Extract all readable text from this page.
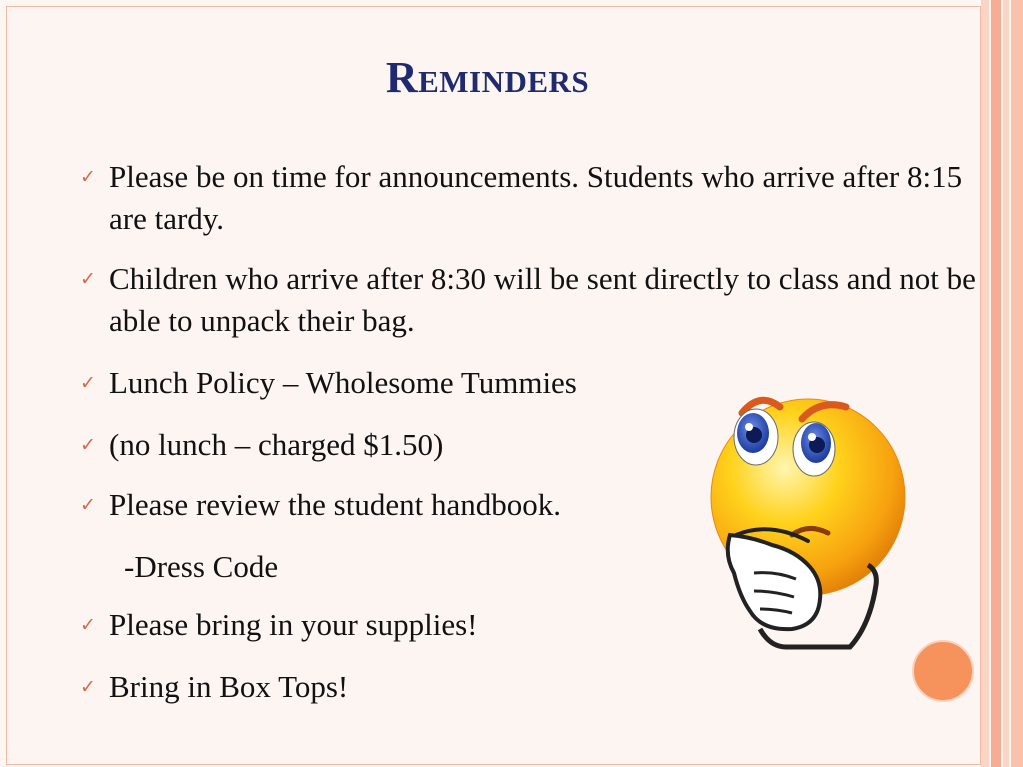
Reminders
✓ Please be on time for announcements. Students who arrive after 8:15 are tardy.
✓ Children who arrive after 8:30 will be sent directly to class and not be able to unpack their bag.
✓ Lunch Policy – Wholesome Tummies
✓ (no lunch – charged $1.50)
✓ Please review the student handbook.
✓ Please bring in your supplies!
✓ Bring in Box Tops!
-Dress Code
